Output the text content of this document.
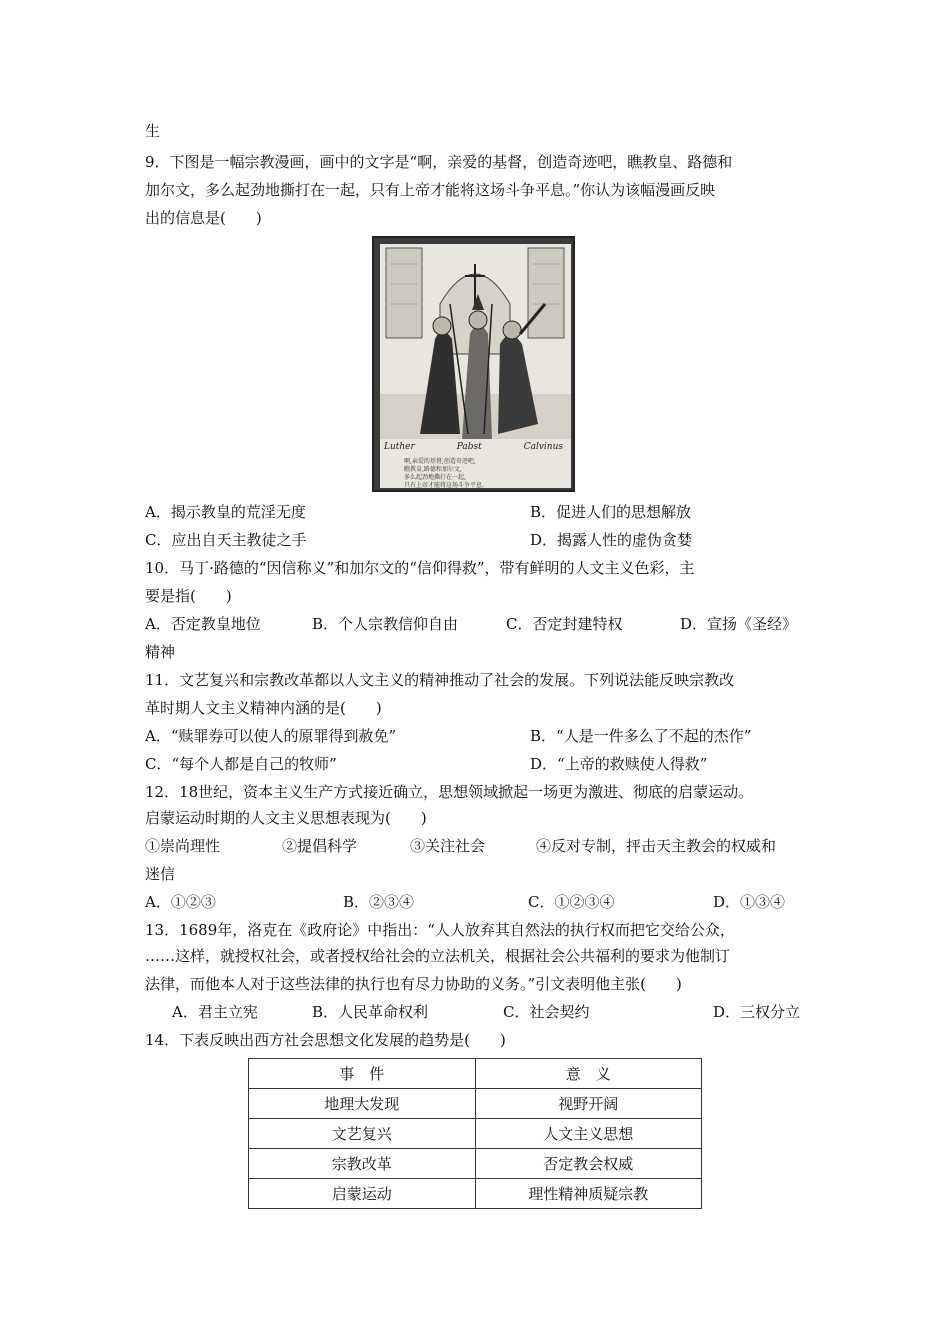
生
9．下图是一幅宗教漫画，画中的文字是“啊，亲爱的基督，创造奇迹吧，瞧教皇、路德和
加尔文，多么起劲地撕打在一起，只有上帝才能将这场斗争平息。”你认为该幅漫画反映
出的信息是(　　)
Luther	Pabst	Calvinus
啊,亲爱的基督,创造奇迹吧,
瞧教皇,路德和加尔文,
多么起劲地撕打在一起,
只有上帝才能将这场斗争平息.
A．揭示教皇的荒淫无度	B．促进人们的思想解放
C．应出自天主教徒之手	D．揭露人性的虚伪贪婪
10．马丁·路德的“因信称义”和加尔文的“信仰得救”，带有鲜明的人文主义色彩，主
要是指(　　)
A．否定教皇地位	B．个人宗教信仰自由	C．否定封建特权	D．宣扬《圣经》
精神
11．文艺复兴和宗教改革都以人文主义的精神推动了社会的发展。下列说法能反映宗教改
革时期人文主义精神内涵的是(　　)
A．“赎罪券可以使人的原罪得到赦免”	B．“人是一件多么了不起的杰作”
C．“每个人都是自己的牧师”	D．“上帝的救赎使人得救”
12．18世纪，资本主义生产方式接近确立，思想领域掀起一场更为激进、彻底的启蒙运动。
启蒙运动时期的人文主义思想表现为(　　)
①崇尚理性	②提倡科学	③关注社会	④反对专制，抨击天主教会的权威和
迷信
A．①②③	B．②③④	C．①②③④	D．①③④
13．1689年，洛克在《政府论》中指出：“人人放弃其自然法的执行权而把它交给公众，
……这样，就授权社会，或者授权给社会的立法机关，根据社会公共福利的要求为他制订
法律，而他本人对于这些法律的执行也有尽力协助的义务。”引文表明他主张(　　)
A．君主立宪	B．人民革命权利	C．社会契约	D．三权分立
14．下表反映出西方社会思想文化发展的趋势是(　　)
事　件	意　义
地理大发现	视野开阔
文艺复兴	人文主义思想
宗教改革	否定教会权威
启蒙运动	理性精神质疑宗教
